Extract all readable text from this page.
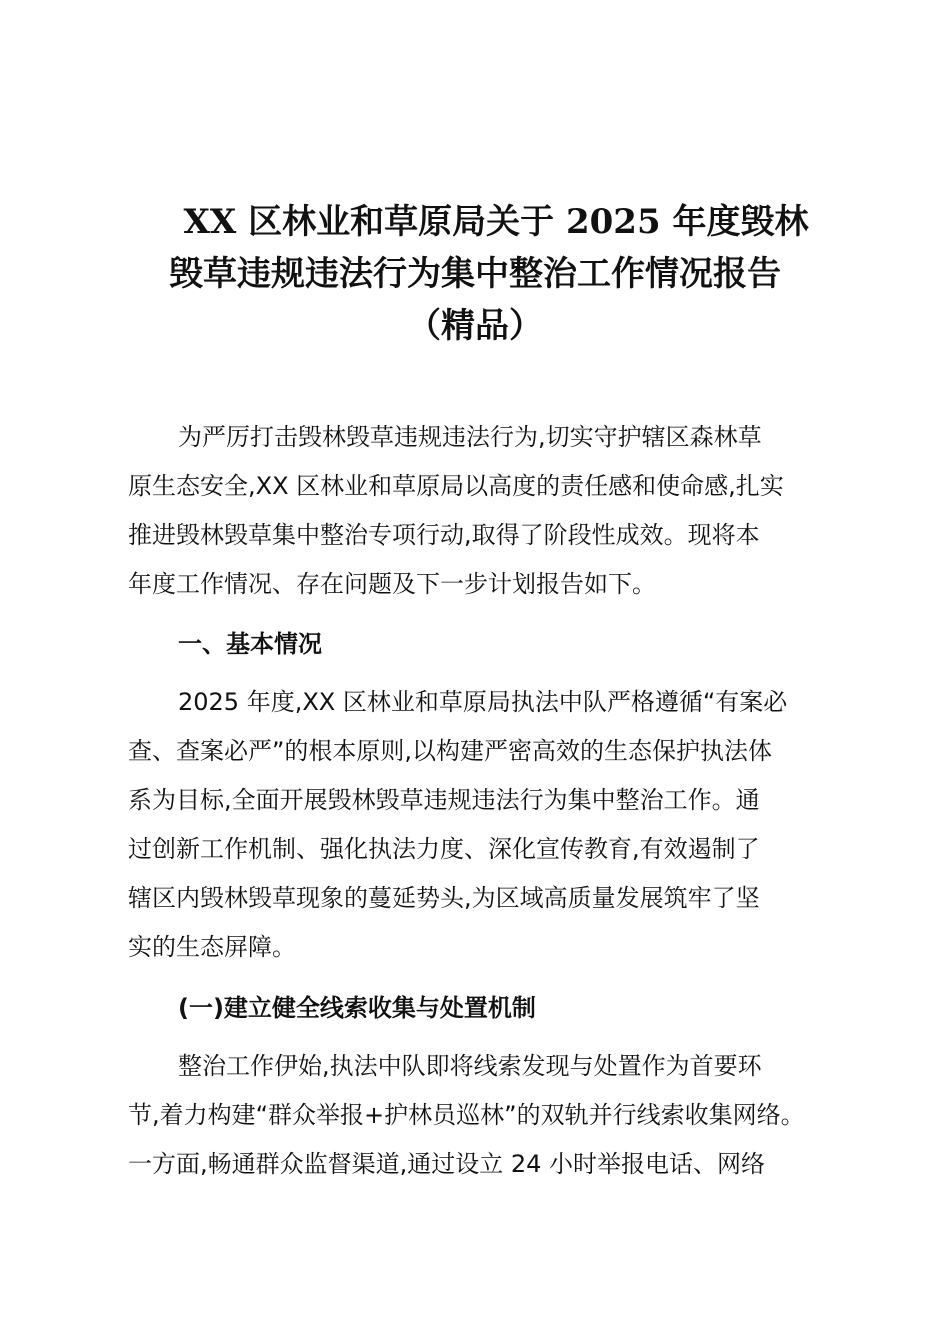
XX 区林业和草原局关于 2025 年度毁林
毁草违规违法行为集中整治工作情况报告
（精品）

为严厉打击毁林毁草违规违法行为,切实守护辖区森林草
原生态安全,XX 区林业和草原局以高度的责任感和使命感,扎实
推进毁林毁草集中整治专项行动,取得了阶段性成效。现将本
年度工作情况、存在问题及下一步计划报告如下。

一、基本情况

2025 年度,XX 区林业和草原局执法中队严格遵循“有案必
查、查案必严”的根本原则,以构建严密高效的生态保护执法体
系为目标,全面开展毁林毁草违规违法行为集中整治工作。通
过创新工作机制、强化执法力度、深化宣传教育,有效遏制了
辖区内毁林毁草现象的蔓延势头,为区域高质量发展筑牢了坚
实的生态屏障。

(一)建立健全线索收集与处置机制

整治工作伊始,执法中队即将线索发现与处置作为首要环
节,着力构建“群众举报+护林员巡林”的双轨并行线索收集网络。
一方面,畅通群众监督渠道,通过设立 24 小时举报电话、网络
